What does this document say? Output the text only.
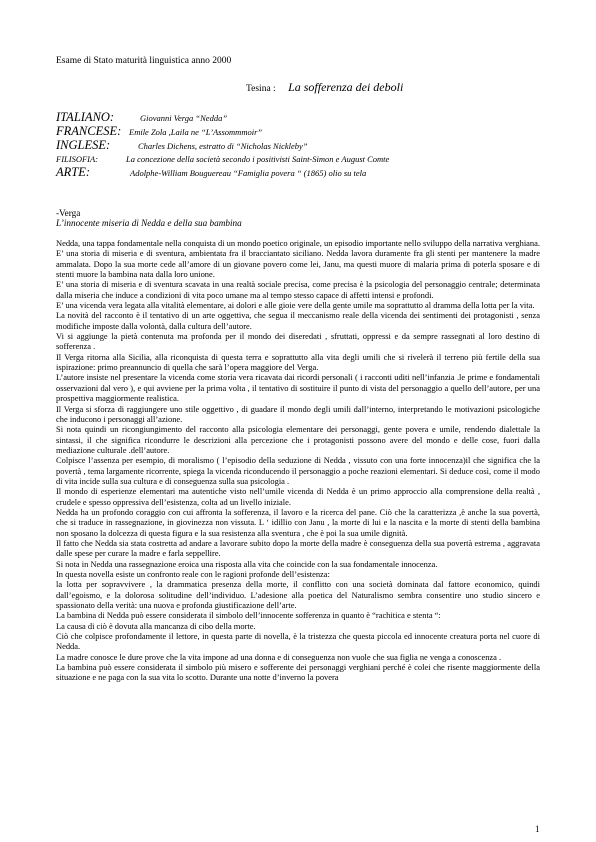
Esame di Stato maturità linguistica anno 2000
Tesina : La sofferenza dei deboli
ITALIANO:	Giovanni Verga “Nedda”
FRANCESE: Emile Zola ,Laila ne “L’Assommmoir”
INGLESE:	Charles Dichens, estratto di “Nicholas Nickleby”
FILISOFIA:	La concezione della società secondo i positivisti Saint-Simon e August Comte
ARTE:	Adolphe-William Bouguereau “Famiglia povera “ (1865) olio su tela
-Verga
L’innocente miseria di Nedda e della sua bambina

Nedda, una tappa fondamentale nella conquista di un mondo poetico originale, un episodio importante nello sviluppo della narrativa verghiana. E’ una storia di miseria e di sventura, ambientata fra il bracciantato siciliano. Nedda lavora duramente fra gli stenti per mantenere la madre ammalata. Dopo la sua morte cede all’amore di un giovane povero come lei, Janu, ma questi muore di malaria prima di poterla sposare e di stenti muore la bambina nata dalla loro unione.

E’ una storia di miseria e di sventura scavata in una realtà sociale precisa, come precisa è la psicologia del personaggio centrale; determinata dalla miseria che induce a condizioni di vita poco umane ma al tempo stesso capace di affetti intensi e profondi.

E’ una vicenda vera legata alla vitalità elementare, ai dolori e alle gioie vere della gente umile ma soprattutto al dramma della lotta per la vita.

La novità del racconto è il tentativo di un arte oggettiva, che segua il meccanismo reale della vicenda dei sentimenti dei protagonisti , senza modifiche imposte dalla volontà, dalla cultura dell’autore.

Vi si aggiunge la pietà contenuta ma profonda per il mondo dei diseredati , sfruttati, oppressi e da sempre rassegnati al loro destino di sofferenza .

Il Verga ritorna alla Sicilia, alla riconquista di questa terra e soprattutto alla vita degli umili che si rivelerà il terreno più fertile della sua ispirazione: primo preannuncio di quella che sarà l’opera maggiore del Verga.

L’autore insiste nel presentare la vicenda come storia vera ricavata dai ricordi personali ( i racconti uditi nell’infanzia .le prime e fondamentali osservazioni dal vero ), e qui avviene per la prima volta , il tentativo di sostituire il punto di vista del personaggio a quello dell’autore, per una prospettiva maggiormente realistica.

Il Verga si sforza di raggiungere uno stile oggettivo , di guadare il mondo degli umili dall’interno, interpretando le motivazioni psicologiche che inducono i personaggi all’azione.

Si nota quindi un ricongiungimento del racconto alla psicologia elementare dei personaggi, gente povera e umile, rendendo dialettale la sintassi, il che significa ricondurre le descrizioni alla percezione che i protagonisti possono avere del mondo e delle cose, fuori dalla mediazione culturale .dell’autore.

Colpisce l’assenza per esempio, di moralismo ( l’episodio della seduzione di Nedda , vissuto con una forte innocenza)il che significa che la povertà , tema largamente ricorrente, spiega la vicenda riconducendo il personaggio a poche reazioni elementari. Si deduce così, come il modo di vita incide sulla sua cultura e di conseguenza sulla sua psicologia .

Il mondo di esperienze elementari ma autentiche visto nell’umile vicenda di Nedda è un primo approccio alla comprensione della realtà , crudele e spesso oppressiva dell’esistenza, colta ad un livello iniziale.

Nedda ha un profondo coraggio con cui affronta la sofferenza, il lavoro e la ricerca del pane. Ciò che la caratterizza ,è anche la sua povertà, che si traduce in rassegnazione, in giovinezza non vissuta. L ‘ idillio con Janu , la morte di lui e la nascita e la morte di stenti della bambina non sposano la dolcezza di questa figura e la sua resistenza alla sventura , che è poi la sua umile dignità.

Il fatto che Nedda sia stata costretta ad andare a lavorare subito dopo la morte della madre è conseguenza della sua povertà estrema , aggravata dalle spese per curare la madre e farla seppellire.

Si nota in Nedda una rassegnazione eroica una risposta alla vita che coincide con la sua fondamentale innocenza.

In questa novella esiste un confronto reale con le ragioni profonde dell’esistenza:

la lotta per sopravvivere , la drammatica presenza della morte, il conflitto con una società dominata dal fattore economico, quindi dall’egoismo, e la dolorosa solitudine dell’individuo. L’adesione alla poetica del Naturalismo sembra consentire uno studio sincero e spassionato della verità: una nuova e profonda giustificazione dell’arte.

La bambina di Nedda può essere considerata il simbolo dell’innocente sofferenza in quanto è “rachitica e stenta “:

La causa di ciò è dovuta alla mancanza di cibo della morte.

Ciò che colpisce profondamente il lettore, in questa parte di novella, è la tristezza che questa piccola ed innocente creatura porta nel cuore di Nedda.

La madre conosce le dure prove che la vita impone ad una donna e di conseguenza non vuole che sua figlia ne venga a conoscenza .

La bambina può essere considerata il simbolo più misero e sofferente dei personaggi verghiani perché è colei che risente maggiormente della situazione e ne paga con la sua vita lo scotto. Durante una notte d’inverno la povera

1
